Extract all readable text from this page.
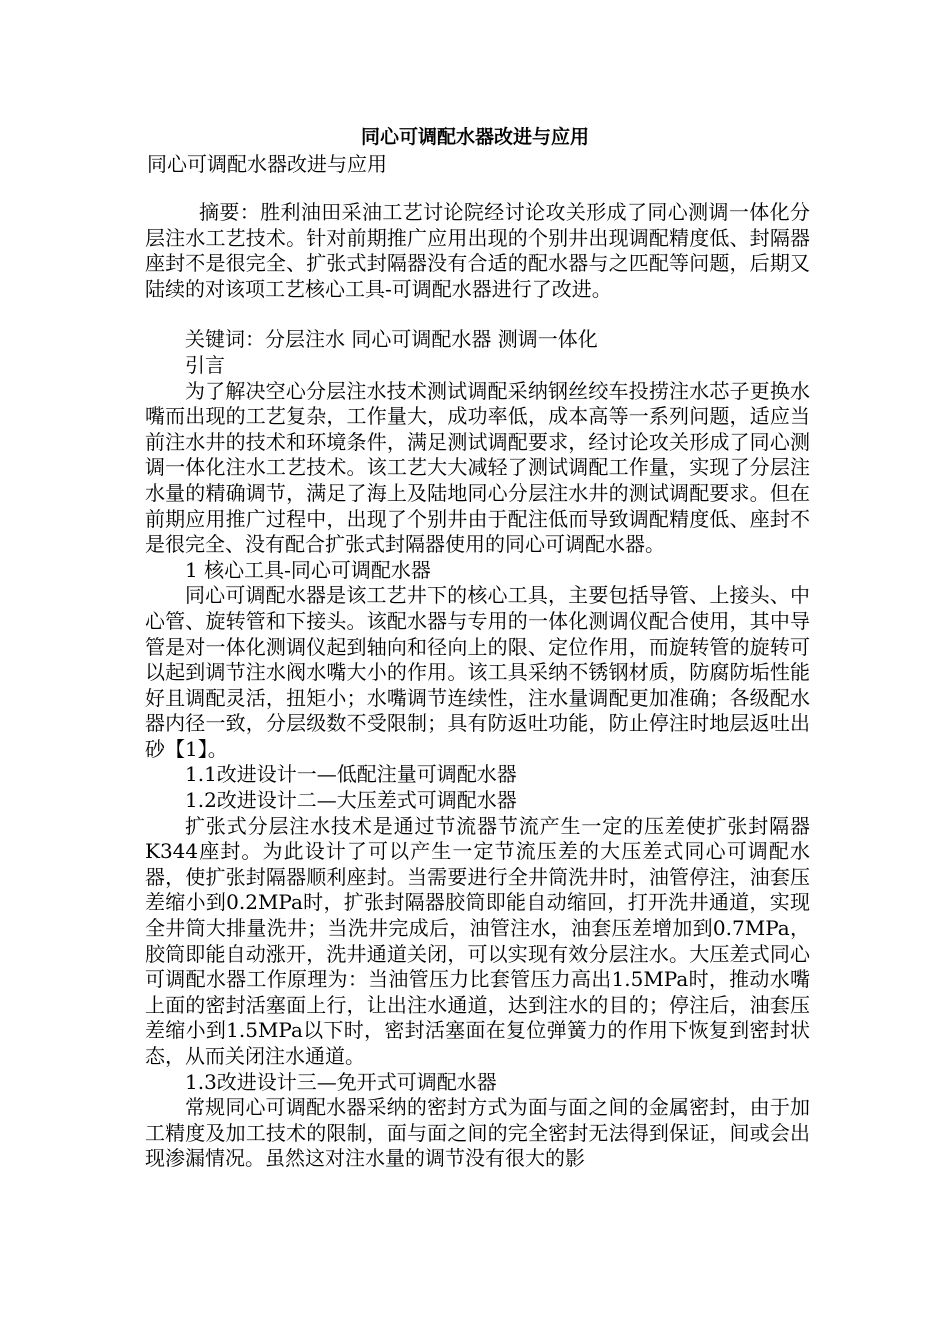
同心可调配水器改进与应用
同心可调配水器改进与应用

摘要：胜利油田采油工艺讨论院经讨论攻关形成了同心测调一体化分层注水工艺技术。针对前期推广应用出现的个别井出现调配精度低、封隔器座封不是很完全、扩张式封隔器没有合适的配水器与之匹配等问题，后期又陆续的对该项工艺核心工具-可调配水器进行了改进。

关键词：分层注水 同心可调配水器 测调一体化

引言

为了解决空心分层注水技术测试调配采纳钢丝绞车投捞注水芯子更换水嘴而出现的工艺复杂，工作量大，成功率低，成本高等一系列问题，适应当前注水井的技术和环境条件，满足测试调配要求，经讨论攻关形成了同心测调一体化注水工艺技术。该工艺大大减轻了测试调配工作量，实现了分层注水量的精确调节，满足了海上及陆地同心分层注水井的测试调配要求。但在前期应用推广过程中，出现了个别井由于配注低而导致调配精度低、座封不是很完全、没有配合扩张式封隔器使用的同心可调配水器。

1 核心工具-同心可调配水器

同心可调配水器是该工艺井下的核心工具，主要包括导管、上接头、中心管、旋转管和下接头。该配水器与专用的一体化测调仪配合使用，其中导管是对一体化测调仪起到轴向和径向上的限、定位作用，而旋转管的旋转可以起到调节注水阀水嘴大小的作用。该工具采纳不锈钢材质，防腐防垢性能好且调配灵活，扭矩小；水嘴调节连续性，注水量调配更加准确；各级配水器内径一致，分层级数不受限制；具有防返吐功能，防止停注时地层返吐出砂【1】。

1.1改进设计一—低配注量可调配水器

1.2改进设计二—大压差式可调配水器

扩张式分层注水技术是通过节流器节流产生一定的压差使扩张封隔器K344座封。为此设计了可以产生一定节流压差的大压差式同心可调配水器，使扩张封隔器顺利座封。当需要进行全井筒洗井时，油管停注，油套压差缩小到0.2MPa时，扩张封隔器胶筒即能自动缩回，打开洗井通道，实现全井筒大排量洗井；当洗井完成后，油管注水，油套压差增加到0.7MPa，胶筒即能自动涨开，洗井通道关闭，可以实现有效分层注水。大压差式同心可调配水器工作原理为：当油管压力比套管压力高出1.5MPa时，推动水嘴上面的密封活塞面上行，让出注水通道，达到注水的目的；停注后，油套压差缩小到1.5MPa以下时，密封活塞面在复位弹簧力的作用下恢复到密封状态，从而关闭注水通道。

1.3改进设计三—免开式可调配水器

常规同心可调配水器采纳的密封方式为面与面之间的金属密封，由于加工精度及加工技术的限制，面与面之间的完全密封无法得到保证，间或会出现渗漏情况。虽然这对注水量的调节没有很大的影
